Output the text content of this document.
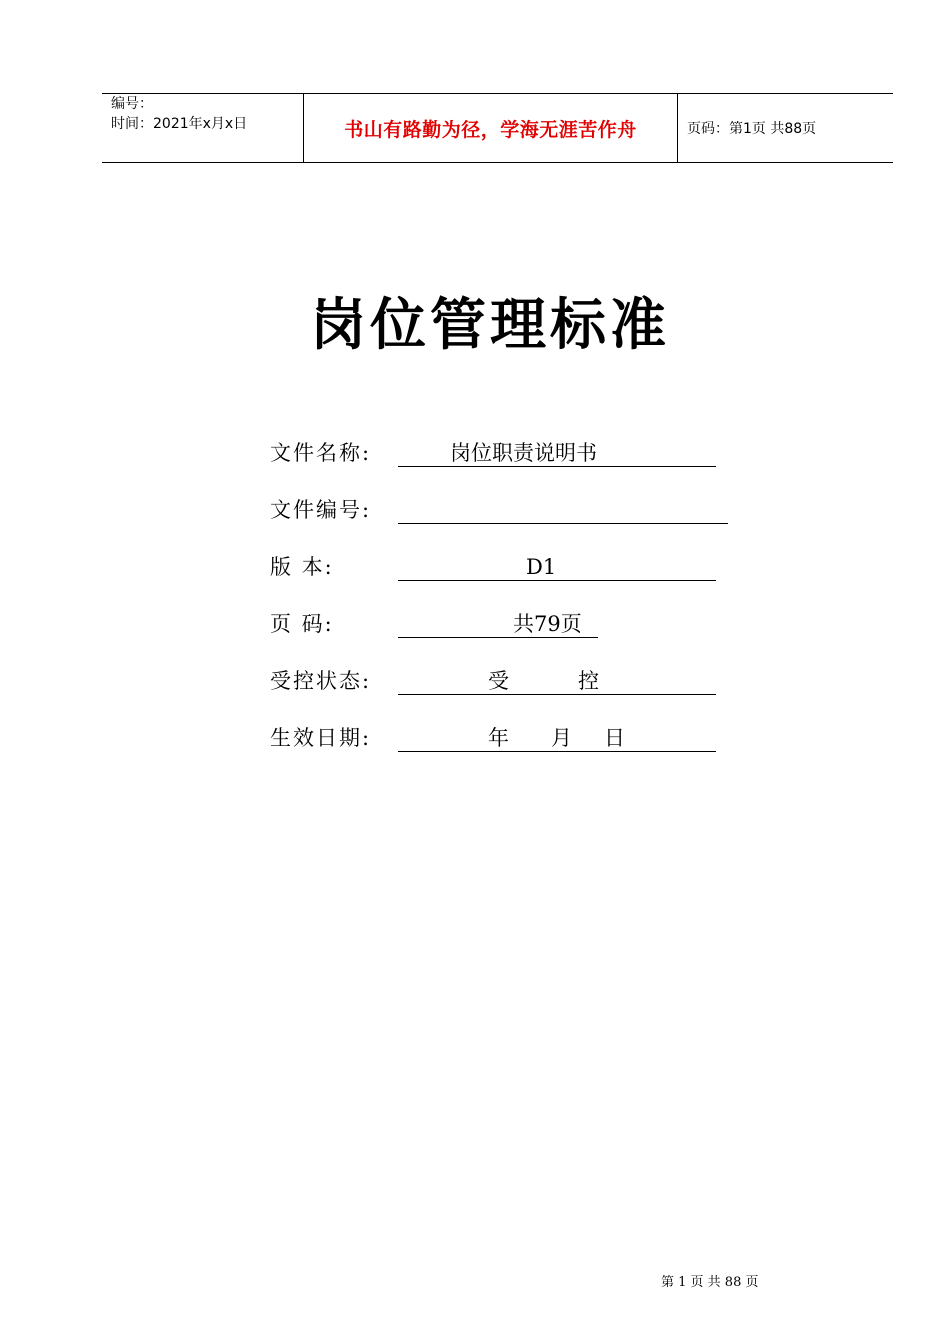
编号：
时间：2021年x月x日	书山有路勤为径，学海无涯苦作舟	页码：第1页 共88页
岗位管理标准
文件名称:	岗位职责说明书
文件编号:
版 本:	D1
页 码:	共79页
受控状态:	受	控
生效日期:	年 月 日
第 1 页 共 88 页
